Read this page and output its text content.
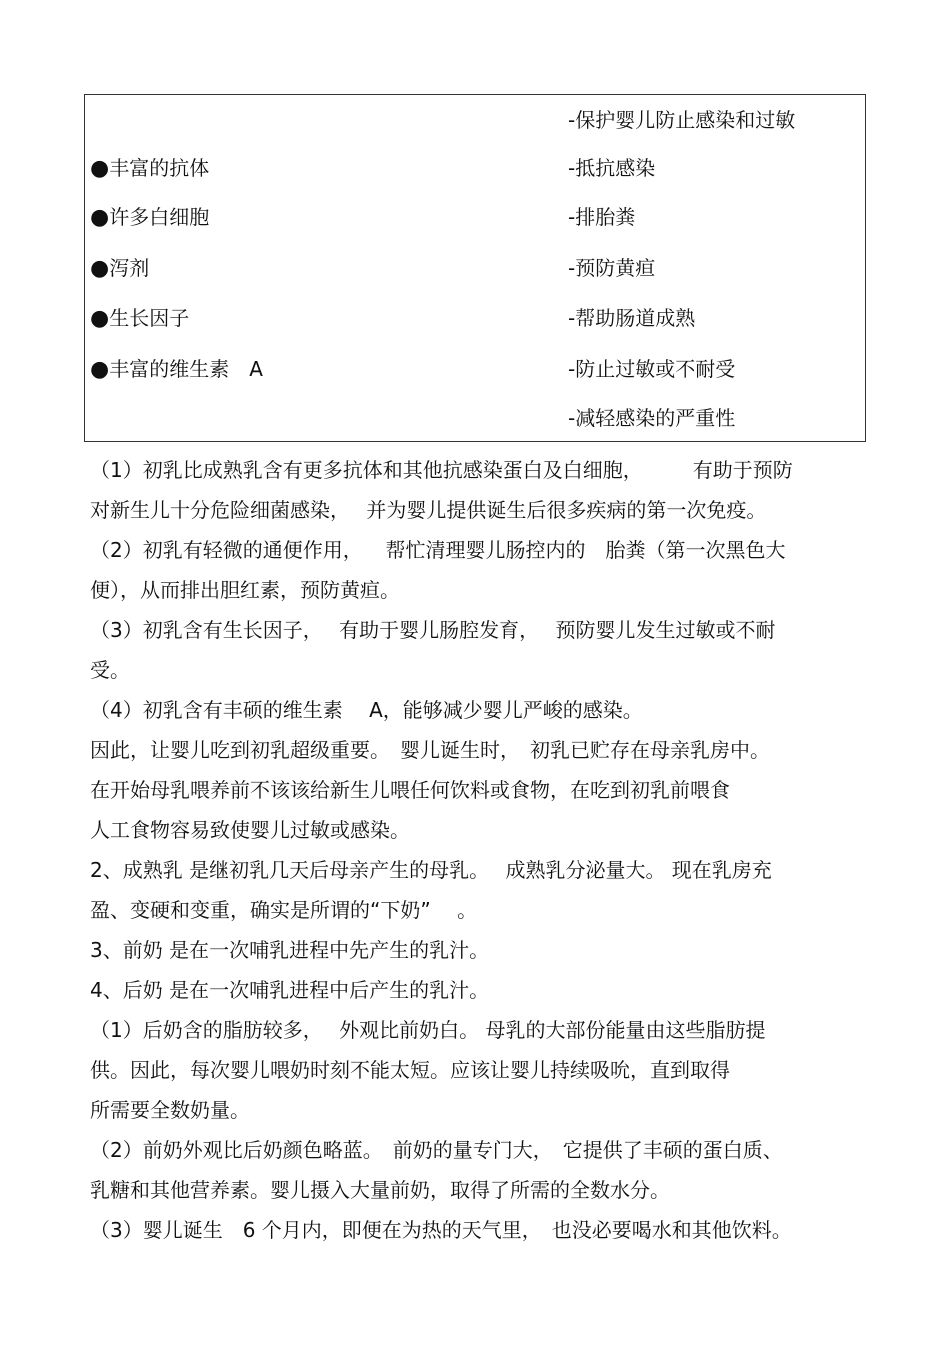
-保护婴儿防止感染和过敏
●丰富的抗体	-抵抗感染
●许多白细胞	-排胎粪
●泻剂	-预防黄疸
●生长因子	-帮助肠道成熟
●丰富的维生素　A	-防止过敏或不耐受
-减轻感染的严重性
（1）初乳比成熟乳含有更多抗体和其他抗感染蛋白及白细胞，　　　有助于预防
对新生儿十分危险细菌感染，　 并为婴儿提供诞生后很多疾病的第一次免疫。
（2）初乳有轻微的通便作用，　  帮忙清理婴儿肠控内的　胎粪（第一次黑色大
便），从而排出胆红素，预防黄疸。
（3）初乳含有生长因子，　 有助于婴儿肠腔发育，　 预防婴儿发生过敏或不耐
受。
（4）初乳含有丰硕的维生素　 A，能够减少婴儿严峻的感染。
因此，让婴儿吃到初乳超级重要。　婴儿诞生时，　初乳已贮存在母亲乳房中。
在开始母乳喂养前不该该给新生儿喂任何饮料或食物，在吃到初乳前喂食
人工食物容易致使婴儿过敏或感染。
2、成熟乳 是继初乳几天后母亲产生的母乳。　 成熟乳分泌量大。 现在乳房充
盈、变硬和变重，确实是所谓的“下奶”　 。
3、前奶 是在一次哺乳进程中先产生的乳汁。
4、后奶 是在一次哺乳进程中后产生的乳汁。
（1）后奶含的脂肪较多，　 外观比前奶白。 母乳的大部份能量由这些脂肪提
供。因此，每次婴儿喂奶时刻不能太短。应该让婴儿持续吸吮，直到取得
所需要全数奶量。
（2）前奶外观比后奶颜色略蓝。　前奶的量专门大，　它提供了丰硕的蛋白质、
乳糖和其他营养素。婴儿摄入大量前奶，取得了所需的全数水分。
（3）婴儿诞生　6 个月内，即便在为热的天气里，　也没必要喝水和其他饮料。
